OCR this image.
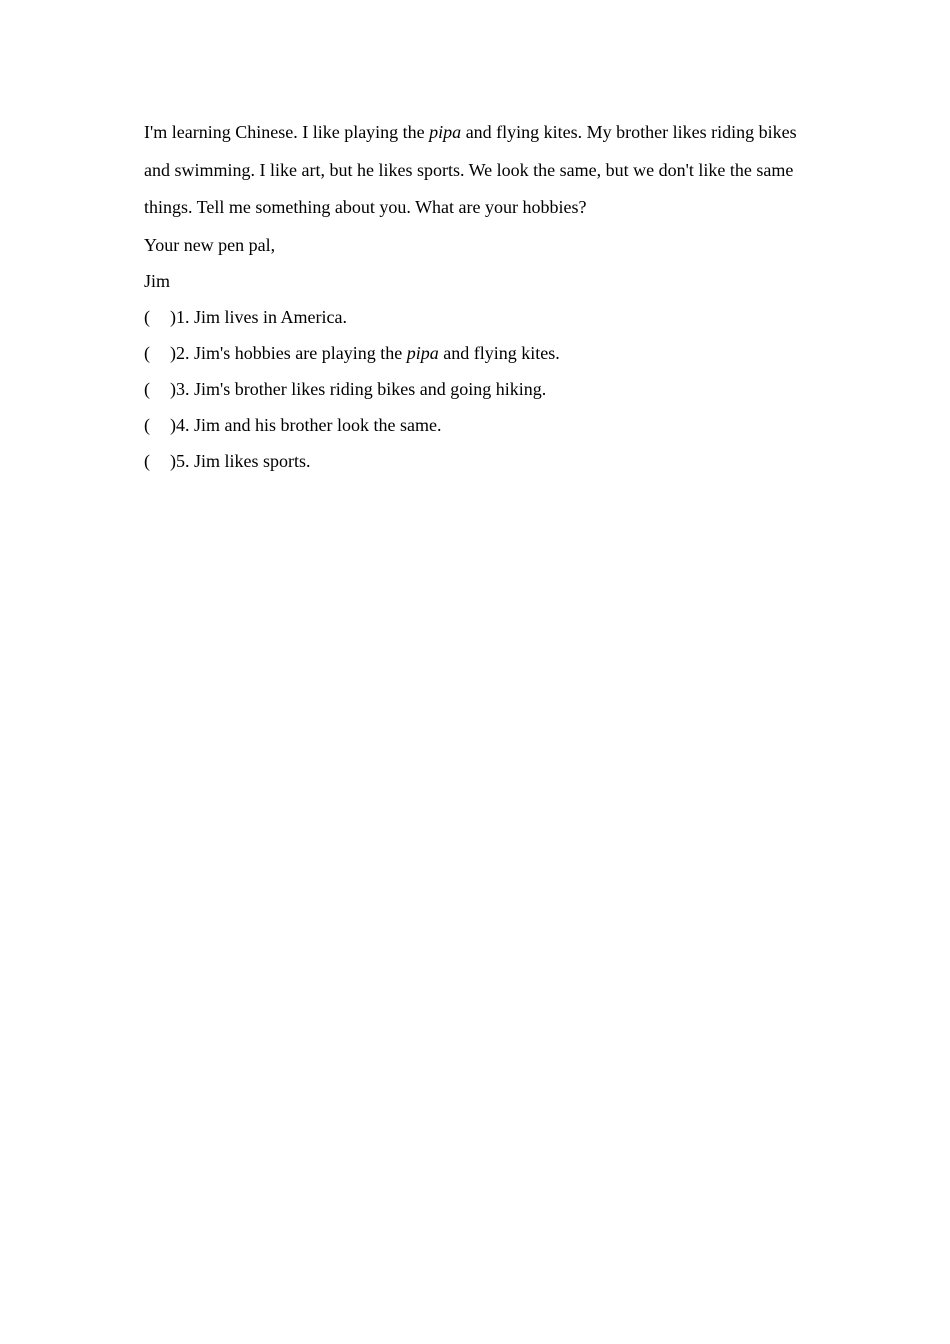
I'm learning Chinese. I like playing the pipa and flying kites. My brother likes riding bikes and swimming. I like art, but he likes sports. We look the same, but we don't like the same things. Tell me something about you. What are your hobbies?

Your new pen pal,

Jim

( )1. Jim lives in America.

( )2. Jim's hobbies are playing the pipa and flying kites.

( )3. Jim's brother likes riding bikes and going hiking.

( )4. Jim and his brother look the same.

( )5. Jim likes sports.
